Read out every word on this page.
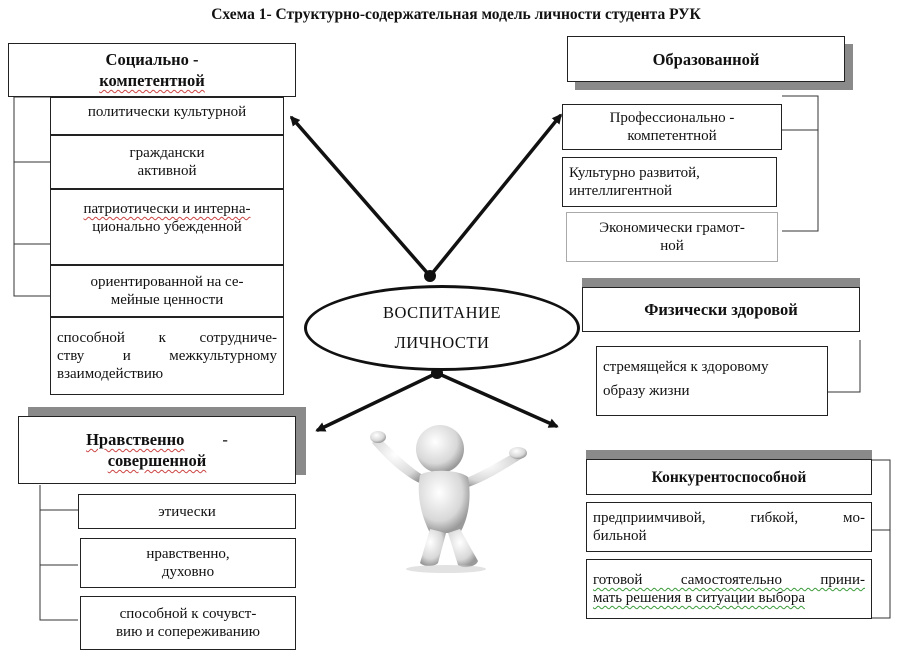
Схема 1- Структурно-содержательная модель личности студента РУК
ВОСПИТАНИЕ
ЛИЧНОСТИ
Социально -
компетентной
политически культурной
граждански
активной
патриотически и интерна-
ционально убежденной
ориентированной на се-
мейные ценности
способной к сотрудниче-
ству и межкультурному
взаимодействию
Образованной
Профессионально -
компетентной
Культурно развитой,
интеллигентной
Экономически грамот-
ной
Физически здоровой
стремящейся к здоровому
образу жизни
Нравственно -
совершенной
этически
нравственно,
духовно
способной к сочувст-
вию и сопереживанию
Конкурентоспособной
предприимчивой, гибкой, мо-
бильной
готовой самостоятельно прини-
мать решения в ситуации выбора
